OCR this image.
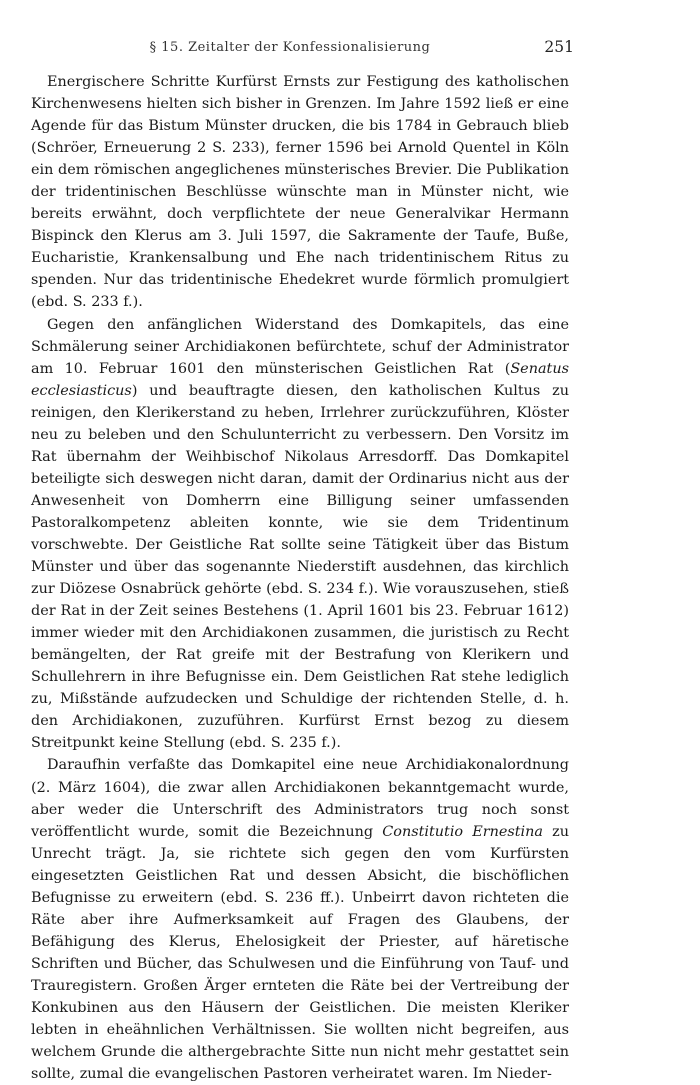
§ 15. Zeitalter der Konfessionalisierung	251

Energischere Schritte Kurfürst Ernsts zur Festigung des katholischen Kirchenwesens hielten sich bisher in Grenzen. Im Jahre 1592 ließ er eine Agende für das Bistum Münster drucken, die bis 1784 in Gebrauch blieb (Schröer, Erneuerung 2 S. 233), ferner 1596 bei Arnold Quentel in Köln ein dem römischen angeglichenes münsterisches Brevier. Die Publikation der tridentinischen Beschlüsse wünschte man in Münster nicht, wie bereits erwähnt, doch verpflichtete der neue Generalvikar Hermann Bispinck den Klerus am 3. Juli 1597, die Sakramente der Taufe, Buße, Eucharistie, Krankensalbung und Ehe nach tridentinischem Ritus zu spenden. Nur das tridentinische Ehedekret wurde förmlich promulgiert (ebd. S. 233 f.).

Gegen den anfänglichen Widerstand des Domkapitels, das eine Schmälerung seiner Archidiakonen befürchtete, schuf der Administrator am 10. Februar 1601 den münsterischen Geistlichen Rat (Senatus ecclesiasticus) und beauftragte diesen, den katholischen Kultus zu reinigen, den Klerikerstand zu heben, Irrlehrer zurückzuführen, Klöster neu zu beleben und den Schulunterricht zu verbessern. Den Vorsitz im Rat übernahm der Weihbischof Nikolaus Arresdorff. Das Domkapitel beteiligte sich deswegen nicht daran, damit der Ordinarius nicht aus der Anwesenheit von Domherrn eine Billigung seiner umfassenden Pastoralkompetenz ableiten konnte, wie sie dem Tridentinum vorschwebte. Der Geistliche Rat sollte seine Tätigkeit über das Bistum Münster und über das sogenannte Niederstift ausdehnen, das kirchlich zur Diözese Osnabrück gehörte (ebd. S. 234 f.). Wie vorauszusehen, stieß der Rat in der Zeit seines Bestehens (1. April 1601 bis 23. Februar 1612) immer wieder mit den Archidiakonen zusammen, die juristisch zu Recht bemängelten, der Rat greife mit der Bestrafung von Klerikern und Schullehrern in ihre Befugnisse ein. Dem Geistlichen Rat stehe lediglich zu, Mißstände aufzudecken und Schuldige der richtenden Stelle, d. h. den Archidiakonen, zuzuführen. Kurfürst Ernst bezog zu diesem Streitpunkt keine Stellung (ebd. S. 235 f.).

Daraufhin verfaßte das Domkapitel eine neue Archidiakonalordnung (2. März 1604), die zwar allen Archidiakonen bekanntgemacht wurde, aber weder die Unterschrift des Administrators trug noch sonst veröffentlicht wurde, somit die Bezeichnung Constitutio Ernestina zu Unrecht trägt. Ja, sie richtete sich gegen den vom Kurfürsten eingesetzten Geistlichen Rat und dessen Absicht, die bischöflichen Befugnisse zu erweitern (ebd. S. 236 ff.). Unbeirrt davon richteten die Räte aber ihre Aufmerksamkeit auf Fragen des Glaubens, der Befähigung des Klerus, Ehelosigkeit der Priester, auf häretische Schriften und Bücher, das Schulwesen und die Einführung von Tauf- und Trauregistern. Großen Ärger ernteten die Räte bei der Vertreibung der Konkubinen aus den Häusern der Geistlichen. Die meisten Kleriker lebten in eheähnlichen Verhältnissen. Sie wollten nicht begreifen, aus welchem Grunde die althergebrachte Sitte nun nicht mehr gestattet sein sollte, zumal die evangelischen Pastoren verheiratet waren. Im Nieder-
